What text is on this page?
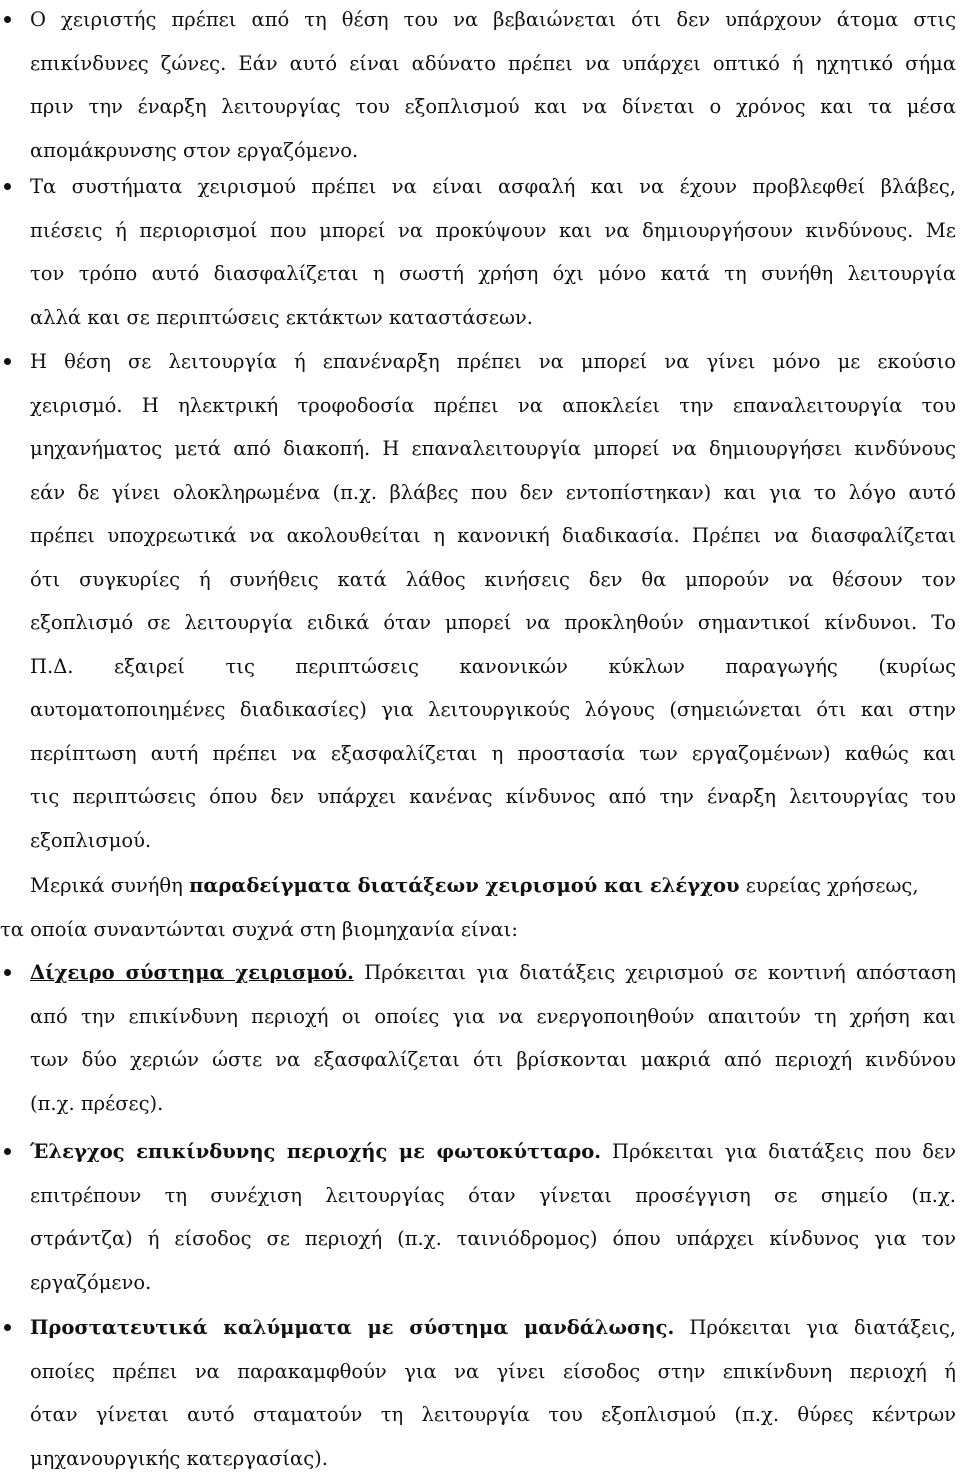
Ο χειριστής πρέπει από τη θέση του να βεβαιώνεται ότι δεν υπάρχουν άτομα στις
επικίνδυνες ζώνες. Εάν αυτό είναι αδύνατο πρέπει να υπάρχει οπτικό ή ηχητικό σήμα
πριν την έναρξη λειτουργίας του εξοπλισμού και να δίνεται ο χρόνος και τα μέσα
απομάκρυνσης στον εργαζόμενο.
Τα συστήματα χειρισμού πρέπει να είναι ασφαλή και να έχουν προβλεφθεί βλάβες,
πιέσεις ή περιορισμοί που μπορεί να προκύψουν και να δημιουργήσουν κινδύνους. Με
τον τρόπο αυτό διασφαλίζεται η σωστή χρήση όχι μόνο κατά τη συνήθη λειτουργία
αλλά και σε περιπτώσεις εκτάκτων καταστάσεων.
Η θέση σε λειτουργία ή επανέναρξη πρέπει να μπορεί να γίνει μόνο με εκούσιο
χειρισμό. Η ηλεκτρική τροφοδοσία πρέπει να αποκλείει την επαναλειτουργία του
μηχανήματος μετά από διακοπή. Η επαναλειτουργία μπορεί να δημιουργήσει κινδύνους
εάν δε γίνει ολοκληρωμένα (π.χ. βλάβες που δεν εντοπίστηκαν) και για το λόγο αυτό
πρέπει υποχρεωτικά να ακολουθείται η κανονική διαδικασία. Πρέπει να διασφαλίζεται
ότι συγκυρίες ή συνήθεις κατά λάθος κινήσεις δεν θα μπορούν να θέσουν τον
εξοπλισμό σε λειτουργία ειδικά όταν μπορεί να προκληθούν σημαντικοί κίνδυνοι. Το
Π.Δ. εξαιρεί τις περιπτώσεις κανονικών κύκλων παραγωγής (κυρίως
αυτοματοποιημένες διαδικασίες) για λειτουργικούς λόγους (σημειώνεται ότι και στην
περίπτωση αυτή πρέπει να εξασφαλίζεται η προστασία των εργαζομένων) καθώς και
τις περιπτώσεις όπου δεν υπάρχει κανένας κίνδυνος από την έναρξη λειτουργίας του
εξοπλισμού.
Μερικά συνήθη παραδείγματα διατάξεων χειρισμού και ελέγχου ευρείας χρήσεως,
τα οποία συναντώνται συχνά στη βιομηχανία είναι:
Δίχειρο σύστημα χειρισμού. Πρόκειται για διατάξεις χειρισμού σε κοντινή απόσταση
από την επικίνδυνη περιοχή οι οποίες για να ενεργοποιηθούν απαιτούν τη χρήση και
των δύο χεριών ώστε να εξασφαλίζεται ότι βρίσκονται μακριά από περιοχή κινδύνου
(π.χ. πρέσες).
Έλεγχος επικίνδυνης περιοχής με φωτοκύτταρο. Πρόκειται για διατάξεις που δεν
επιτρέπουν τη συνέχιση λειτουργίας όταν γίνεται προσέγγιση σε σημείο (π.χ.
στράντζα) ή είσοδος σε περιοχή (π.χ. ταινιόδρομος) όπου υπάρχει κίνδυνος για τον
εργαζόμενο.
Προστατευτικά καλύμματα με σύστημα μανδάλωσης. Πρόκειται για διατάξεις,
οποίες πρέπει να παρακαμφθούν για να γίνει είσοδος στην επικίνδυνη περιοχή ή
όταν γίνεται αυτό σταματούν τη λειτουργία του εξοπλισμού (π.χ. θύρες κέντρων
μηχανουργικής κατεργασίας).
